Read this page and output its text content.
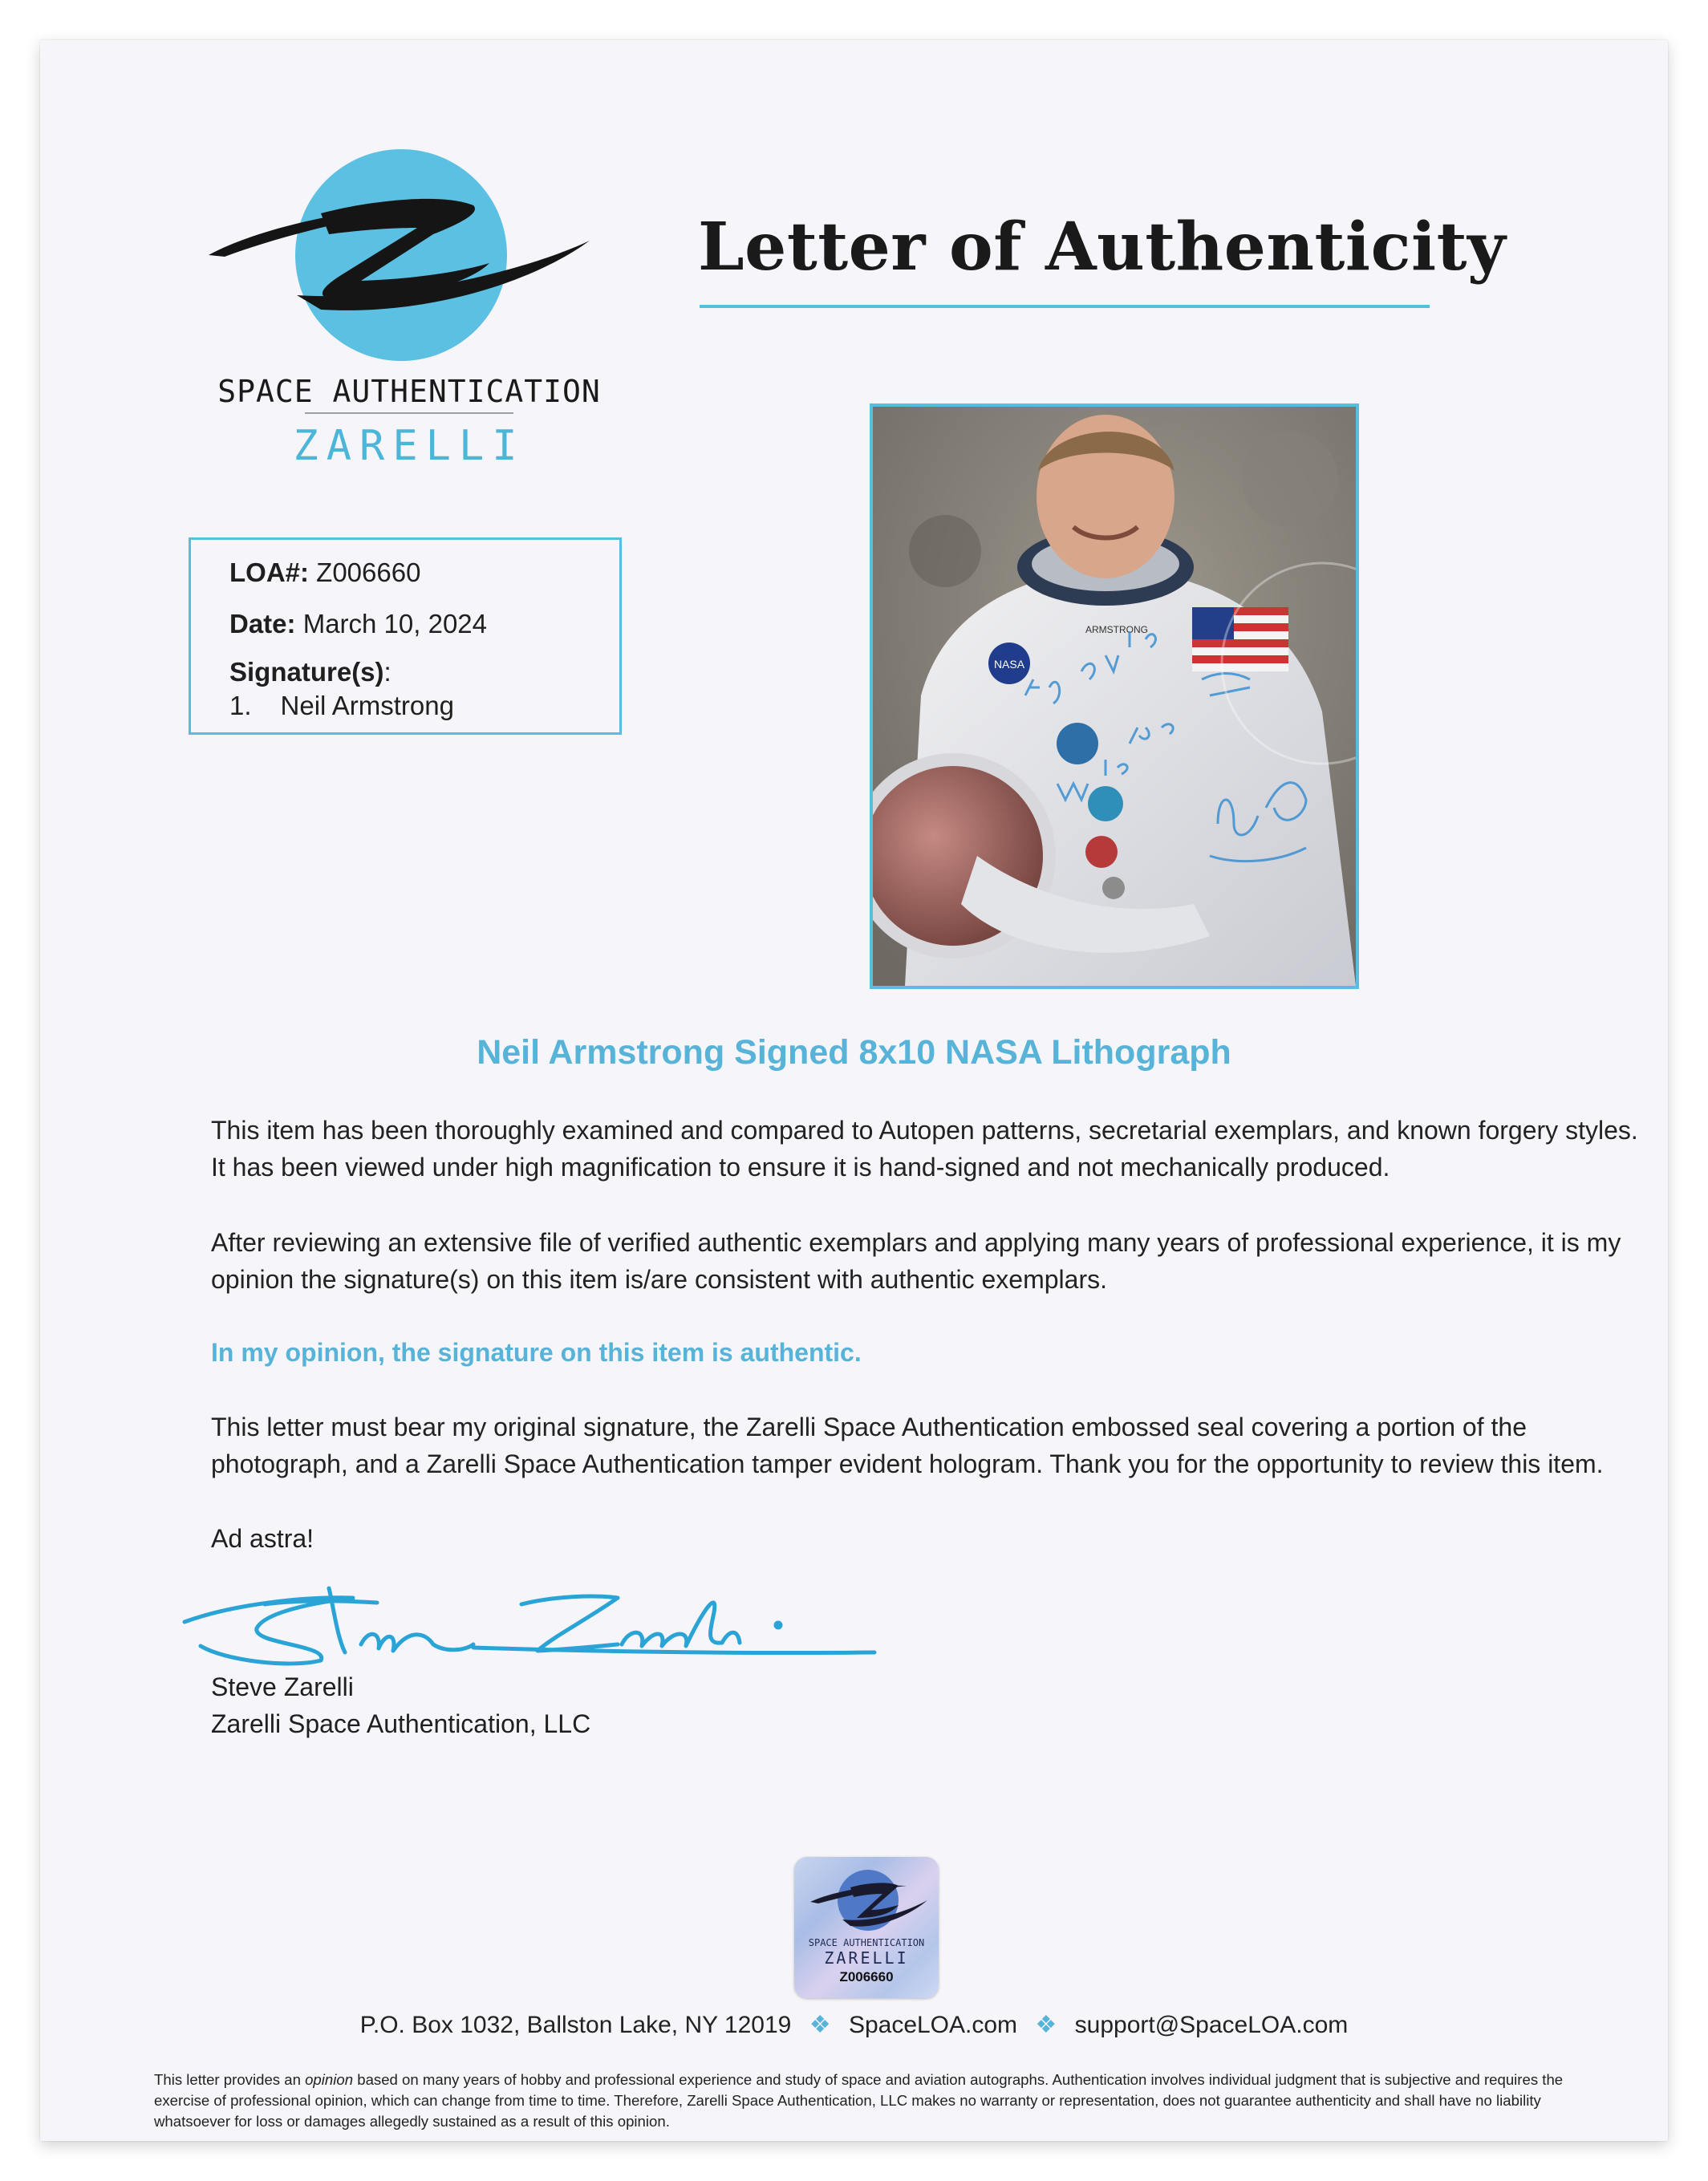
SPACE AUTHENTICATION
ZARELLI
Letter of Authenticity
LOA#: Z006660
Date: March 10, 2024
Signature(s):
1. Neil Armstrong
NASA
ARMSTRONG
Neil Armstrong Signed 8x10 NASA Lithograph
This item has been thoroughly examined and compared to Autopen patterns, secretarial exemplars, and known forgery styles. It has been viewed under high magnification to ensure it is hand-signed and not mechanically produced.
After reviewing an extensive file of verified authentic exemplars and applying many years of professional experience, it is my opinion the signature(s) on this item is/are consistent with authentic exemplars.
In my opinion, the signature on this item is authentic.
This letter must bear my original signature, the Zarelli Space Authentication embossed seal covering a portion of the photograph, and a Zarelli Space Authentication tamper evident hologram. Thank you for the opportunity to review this item.
Ad astra!
Steve Zarelli
Zarelli Space Authentication, LLC
SPACE AUTHENTICATION
ZARELLI
Z006660
P.O. Box 1032, Ballston Lake, NY 12019 ❖ SpaceLOA.com ❖ support@SpaceLOA.com
This letter provides an opinion based on many years of hobby and professional experience and study of space and aviation autographs. Authentication involves individual judgment that is subjective and requires the exercise of professional opinion, which can change from time to time. Therefore, Zarelli Space Authentication, LLC makes no warranty or representation, does not guarantee authenticity and shall have no liability whatsoever for loss or damages allegedly sustained as a result of this opinion.
